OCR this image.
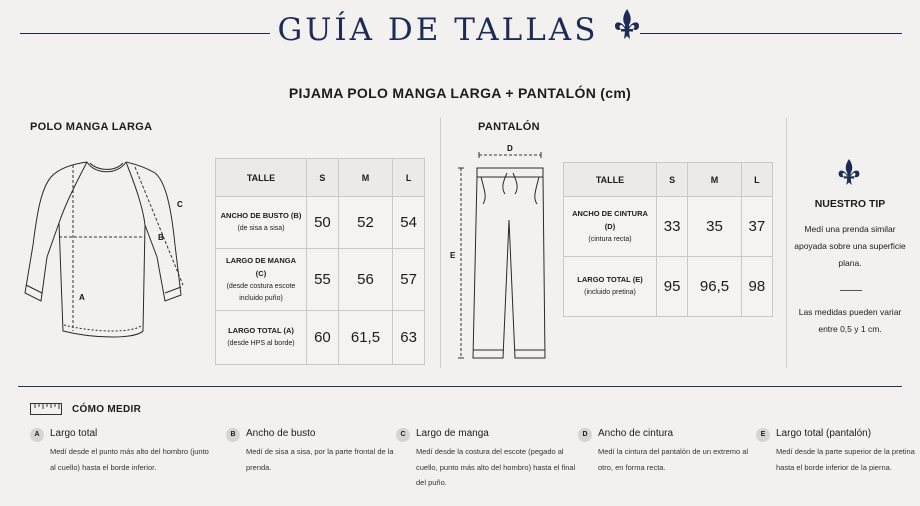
GUÍA DE TALLAS
PIJAMA POLO MANGA LARGA + PANTALÓN (cm)
POLO MANGA LARGA
A
B
C
TALLE	S	M	L
ANCHO DE BUSTO (B)
(de sisa a sisa)	50	52	54
LARGO DE MANGA (C)
(desde costura escote incluido puño)	55	56	57
LARGO TOTAL (A)
(desde HPS al borde)	60	61,5	63
PANTALÓN
D
E
TALLE	S	M	L
ANCHO DE CINTURA (D)
(cintura recta)	33	35	37
LARGO TOTAL (E)
(incluido pretina)	95	96,5	98
NUESTRO TIP
Medí una prenda similar apoyada sobre una superficie plana.
Las medidas pueden variar entre 0,5 y 1 cm.
CÓMO MEDIR
A	Largo total
Medí desde el punto más alto del hombro (junto al cuello) hasta el borde inferior.
B	Ancho de busto
Medí de sisa a sisa, por la parte frontal de la prenda.
C	Largo de manga
Medí desde la costura del escote (pegado al cuello, punto más alto del hombro) hasta el final del puño.
D	Ancho de cintura
Medí la cintura del pantalón de un extremo al otro, en forma recta.
E	Largo total (pantalón)
Medí desde la parte superior de la pretina hasta el borde inferior de la pierna.
